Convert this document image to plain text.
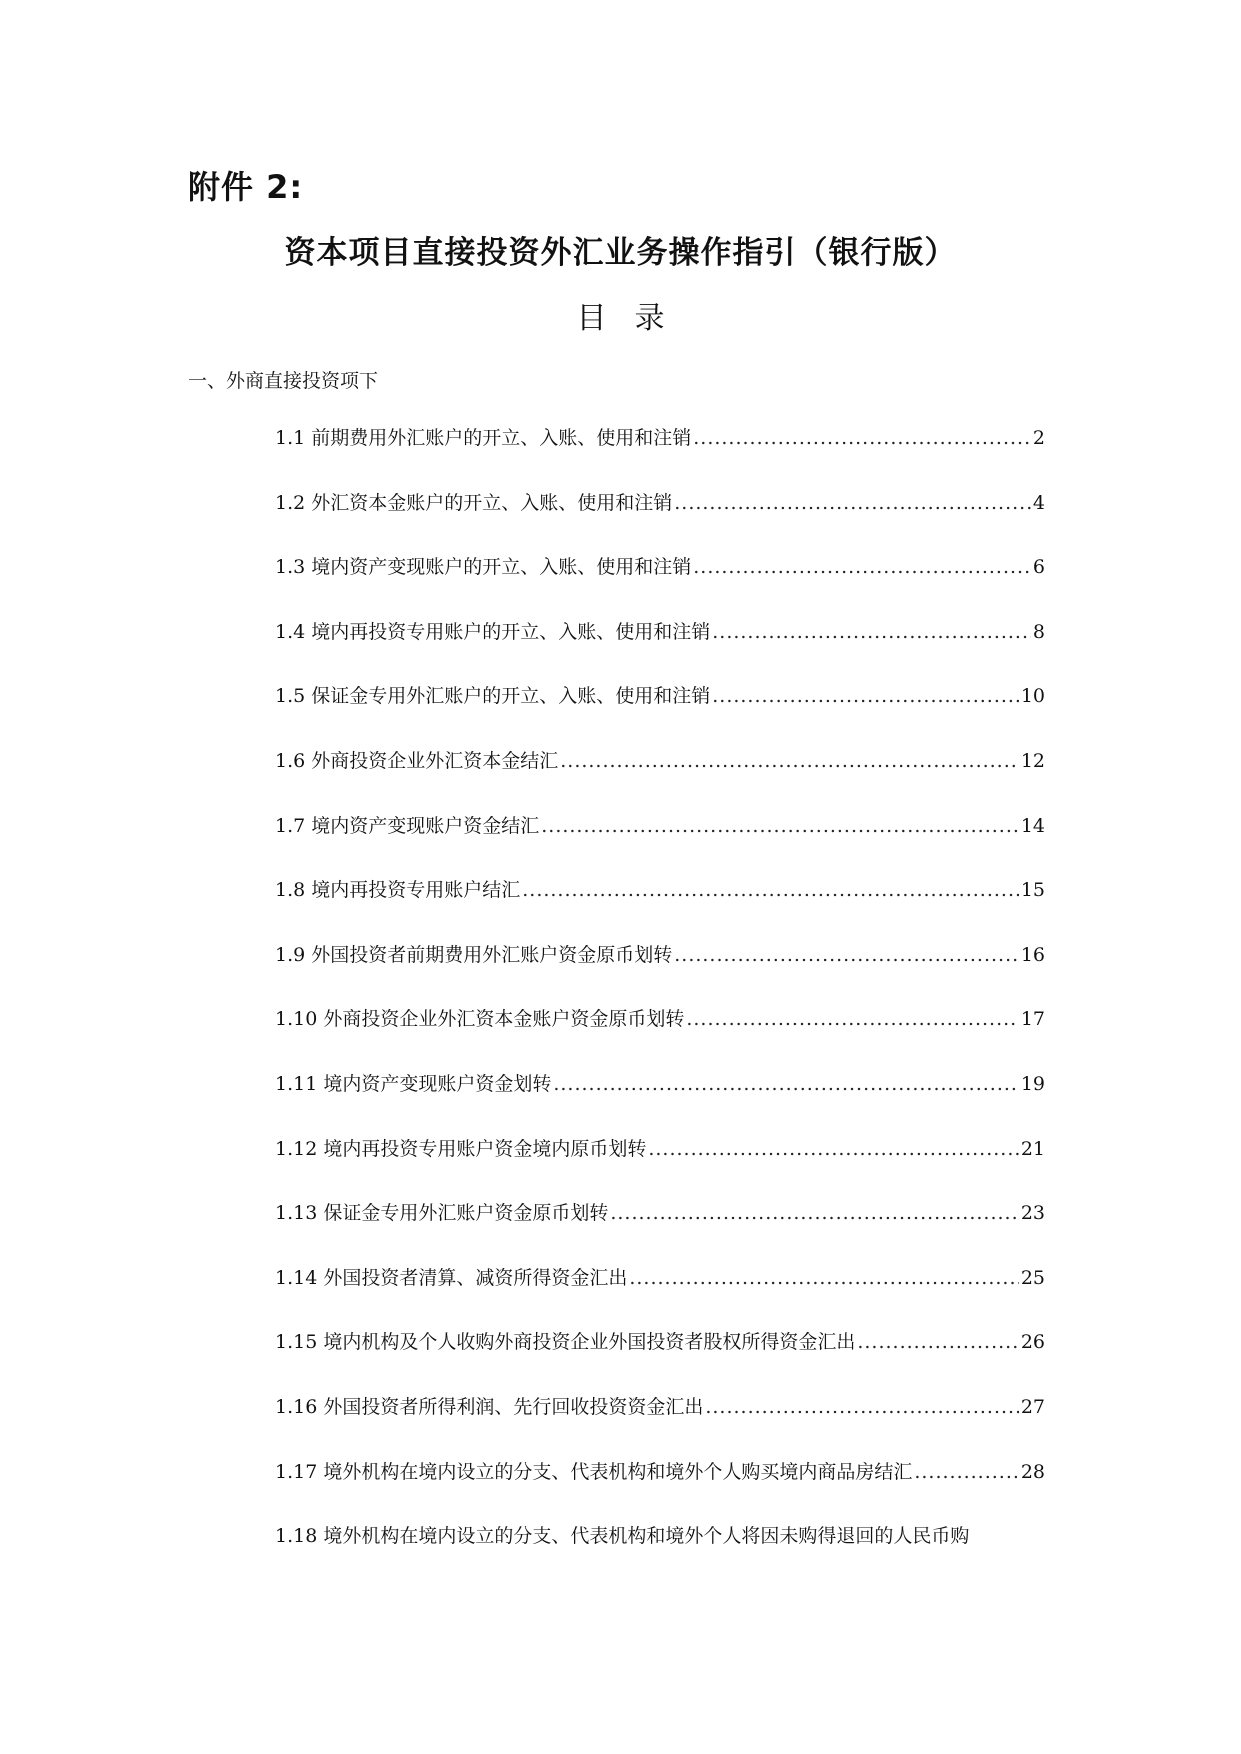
附件 2:
资本项目直接投资外汇业务操作指引（银行版）
目录
一、外商直接投资项下
1.1 前期费用外汇账户的开立、入账、使用和注销 .....	2
1.2 外汇资本金账户的开立、入账、使用和注销 .....	4
1.3 境内资产变现账户的开立、入账、使用和注销 .....	6
1.4 境内再投资专用账户的开立、入账、使用和注销 .....	8
1.5 保证金专用外汇账户的开立、入账、使用和注销 .....	10
1.6 外商投资企业外汇资本金结汇 .....	12
1.7 境内资产变现账户资金结汇 .....	14
1.8 境内再投资专用账户结汇 .....	15
1.9 外国投资者前期费用外汇账户资金原币划转 .....	16
1.10 外商投资企业外汇资本金账户资金原币划转 .....	17
1.11 境内资产变现账户资金划转 .....	19
1.12 境内再投资专用账户资金境内原币划转 .....	21
1.13 保证金专用外汇账户资金原币划转 .....	23
1.14 外国投资者清算、减资所得资金汇出 .....	25
1.15 境内机构及个人收购外商投资企业外国投资者股权所得资金汇出 .....	26
1.16 外国投资者所得利润、先行回收投资资金汇出 .....	27
1.17 境外机构在境内设立的分支、代表机构和境外个人购买境内商品房结汇 .....	28
1.18 境外机构在境内设立的分支、代表机构和境外个人将因未购得退回的人民币购
